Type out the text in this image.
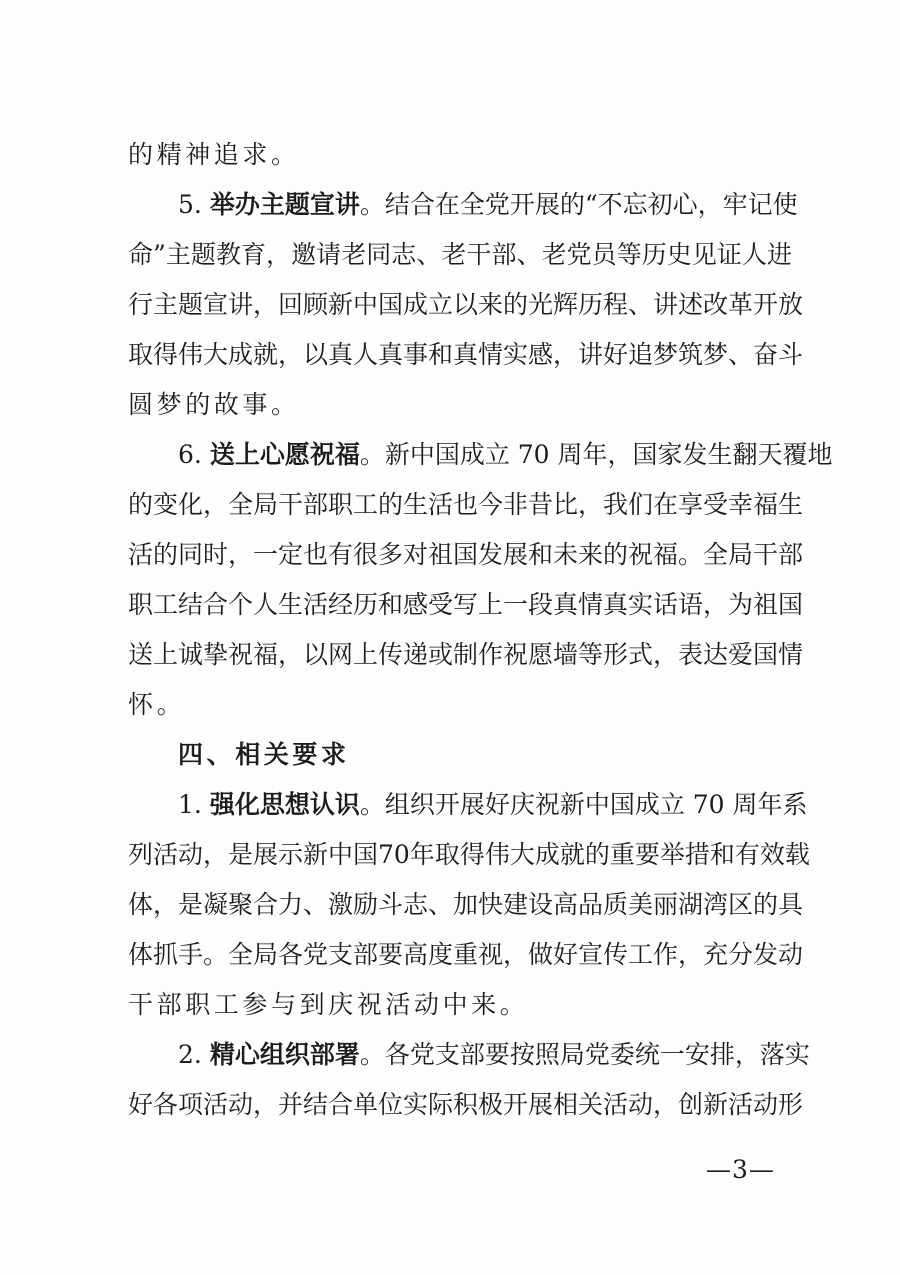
的精神追求。
5. 举办主题宣讲。结合在全党开展的“不忘初心，牢记使
命”主题教育，邀请老同志、老干部、老党员等历史见证人进
行主题宣讲，回顾新中国成立以来的光辉历程、讲述改革开放
取得伟大成就，以真人真事和真情实感，讲好追梦筑梦、奋斗
圆梦的故事。
6. 送上心愿祝福。新中国成立 70 周年，国家发生翻天覆地
的变化，全局干部职工的生活也今非昔比，我们在享受幸福生
活的同时，一定也有很多对祖国发展和未来的祝福。全局干部
职工结合个人生活经历和感受写上一段真情真实话语，为祖国
送上诚挚祝福，以网上传递或制作祝愿墙等形式，表达爱国情
怀。
四、相关要求
1. 强化思想认识。组织开展好庆祝新中国成立 70 周年系
列活动，是展示新中国70年取得伟大成就的重要举措和有效载
体，是凝聚合力、激励斗志、加快建设高品质美丽湖湾区的具
体抓手。全局各党支部要高度重视，做好宣传工作，充分发动
干部职工参与到庆祝活动中来。
2. 精心组织部署。各党支部要按照局党委统一安排，落实
好各项活动，并结合单位实际积极开展相关活动，创新活动形
—3—
